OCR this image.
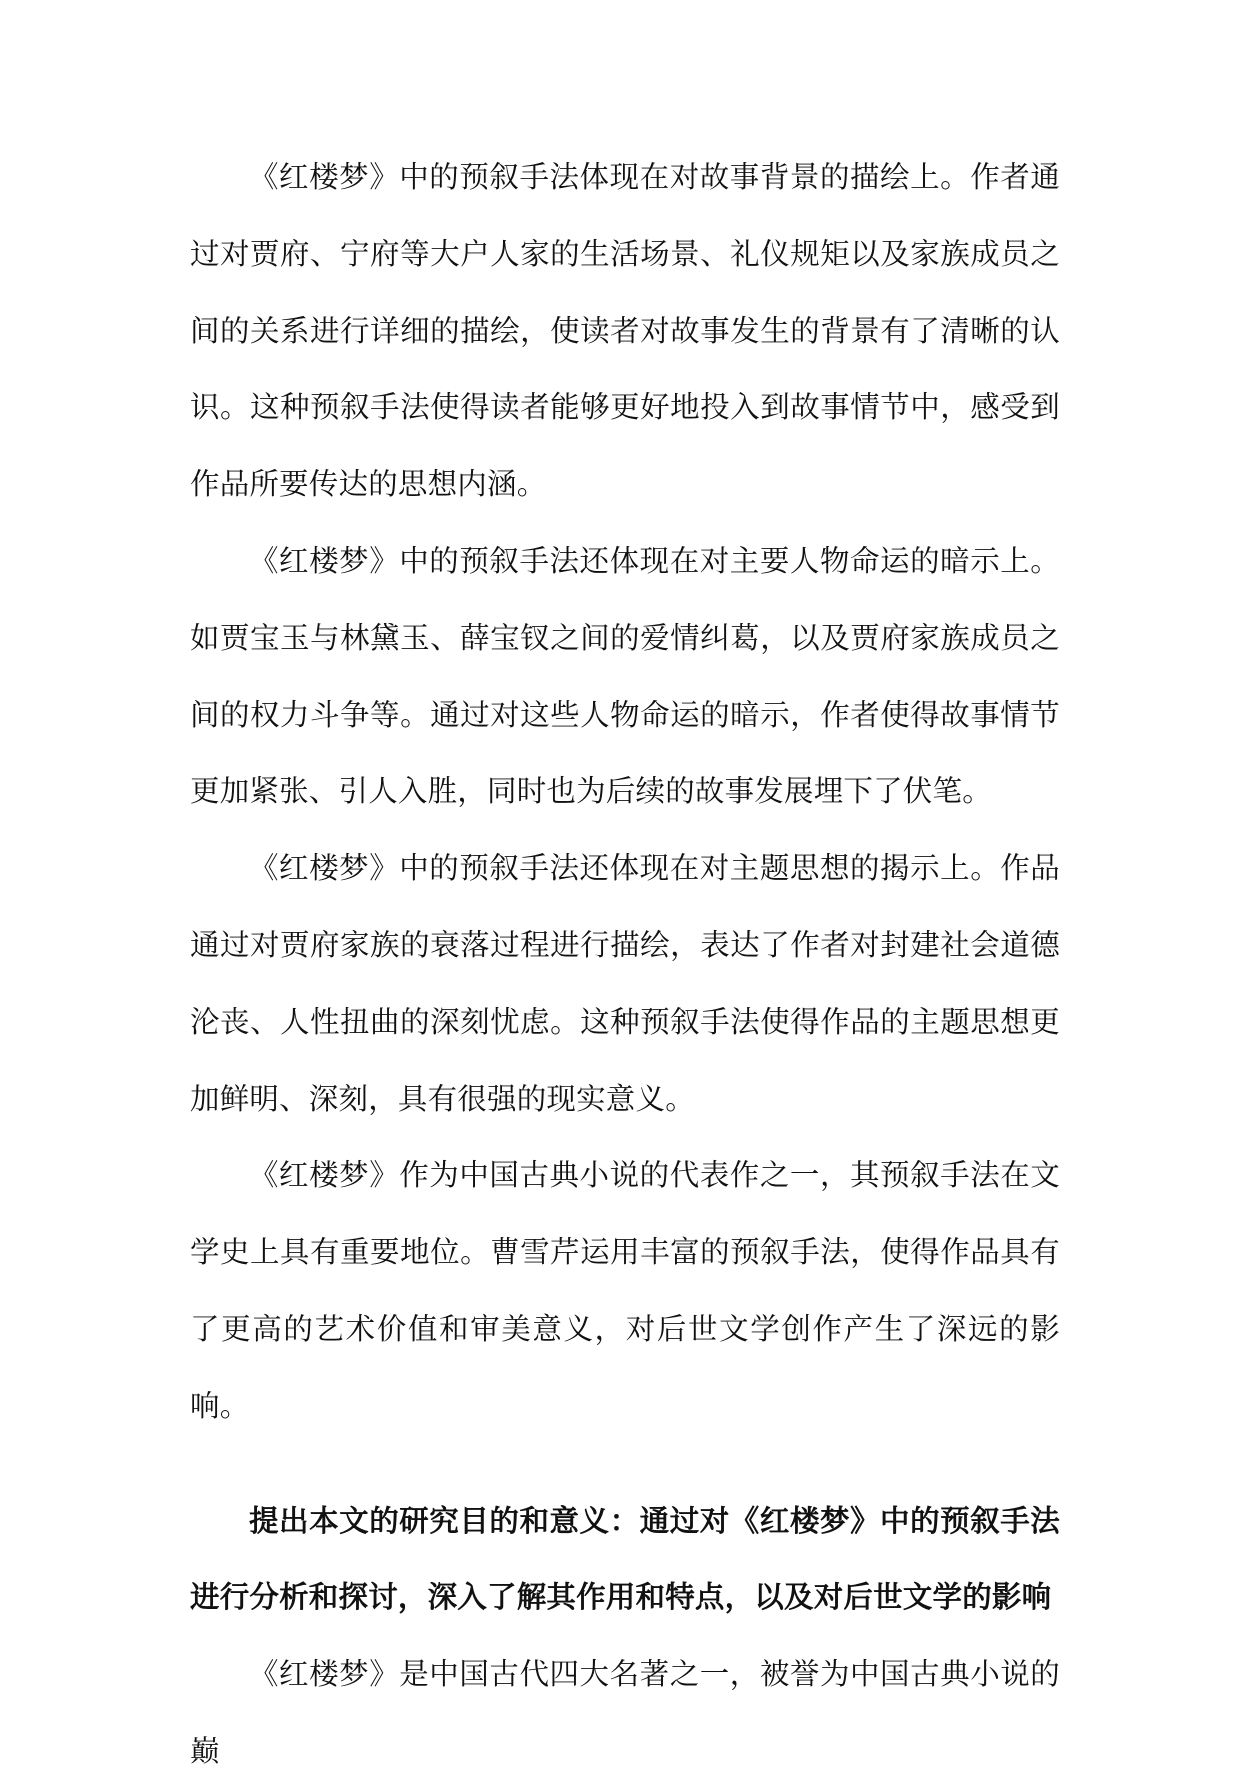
《红楼梦》中的预叙手法体现在对故事背景的描绘上。作者通过对贾府、宁府等大户人家的生活场景、礼仪规矩以及家族成员之间的关系进行详细的描绘，使读者对故事发生的背景有了清晰的认识。这种预叙手法使得读者能够更好地投入到故事情节中，感受到作品所要传达的思想内涵。

《红楼梦》中的预叙手法还体现在对主要人物命运的暗示上。如贾宝玉与林黛玉、薛宝钗之间的爱情纠葛，以及贾府家族成员之间的权力斗争等。通过对这些人物命运的暗示，作者使得故事情节更加紧张、引人入胜，同时也为后续的故事发展埋下了伏笔。

《红楼梦》中的预叙手法还体现在对主题思想的揭示上。作品通过对贾府家族的衰落过程进行描绘，表达了作者对封建社会道德沦丧、人性扭曲的深刻忧虑。这种预叙手法使得作品的主题思想更加鲜明、深刻，具有很强的现实意义。

《红楼梦》作为中国古典小说的代表作之一，其预叙手法在文学史上具有重要地位。曹雪芹运用丰富的预叙手法，使得作品具有了更高的艺术价值和审美意义，对后世文学创作产生了深远的影响。

提出本文的研究目的和意义：通过对《红楼梦》中的预叙手法进行分析和探讨，深入了解其作用和特点，以及对后世文学的影响

《红楼梦》是中国古代四大名著之一，被誉为中国古典小说的巅
